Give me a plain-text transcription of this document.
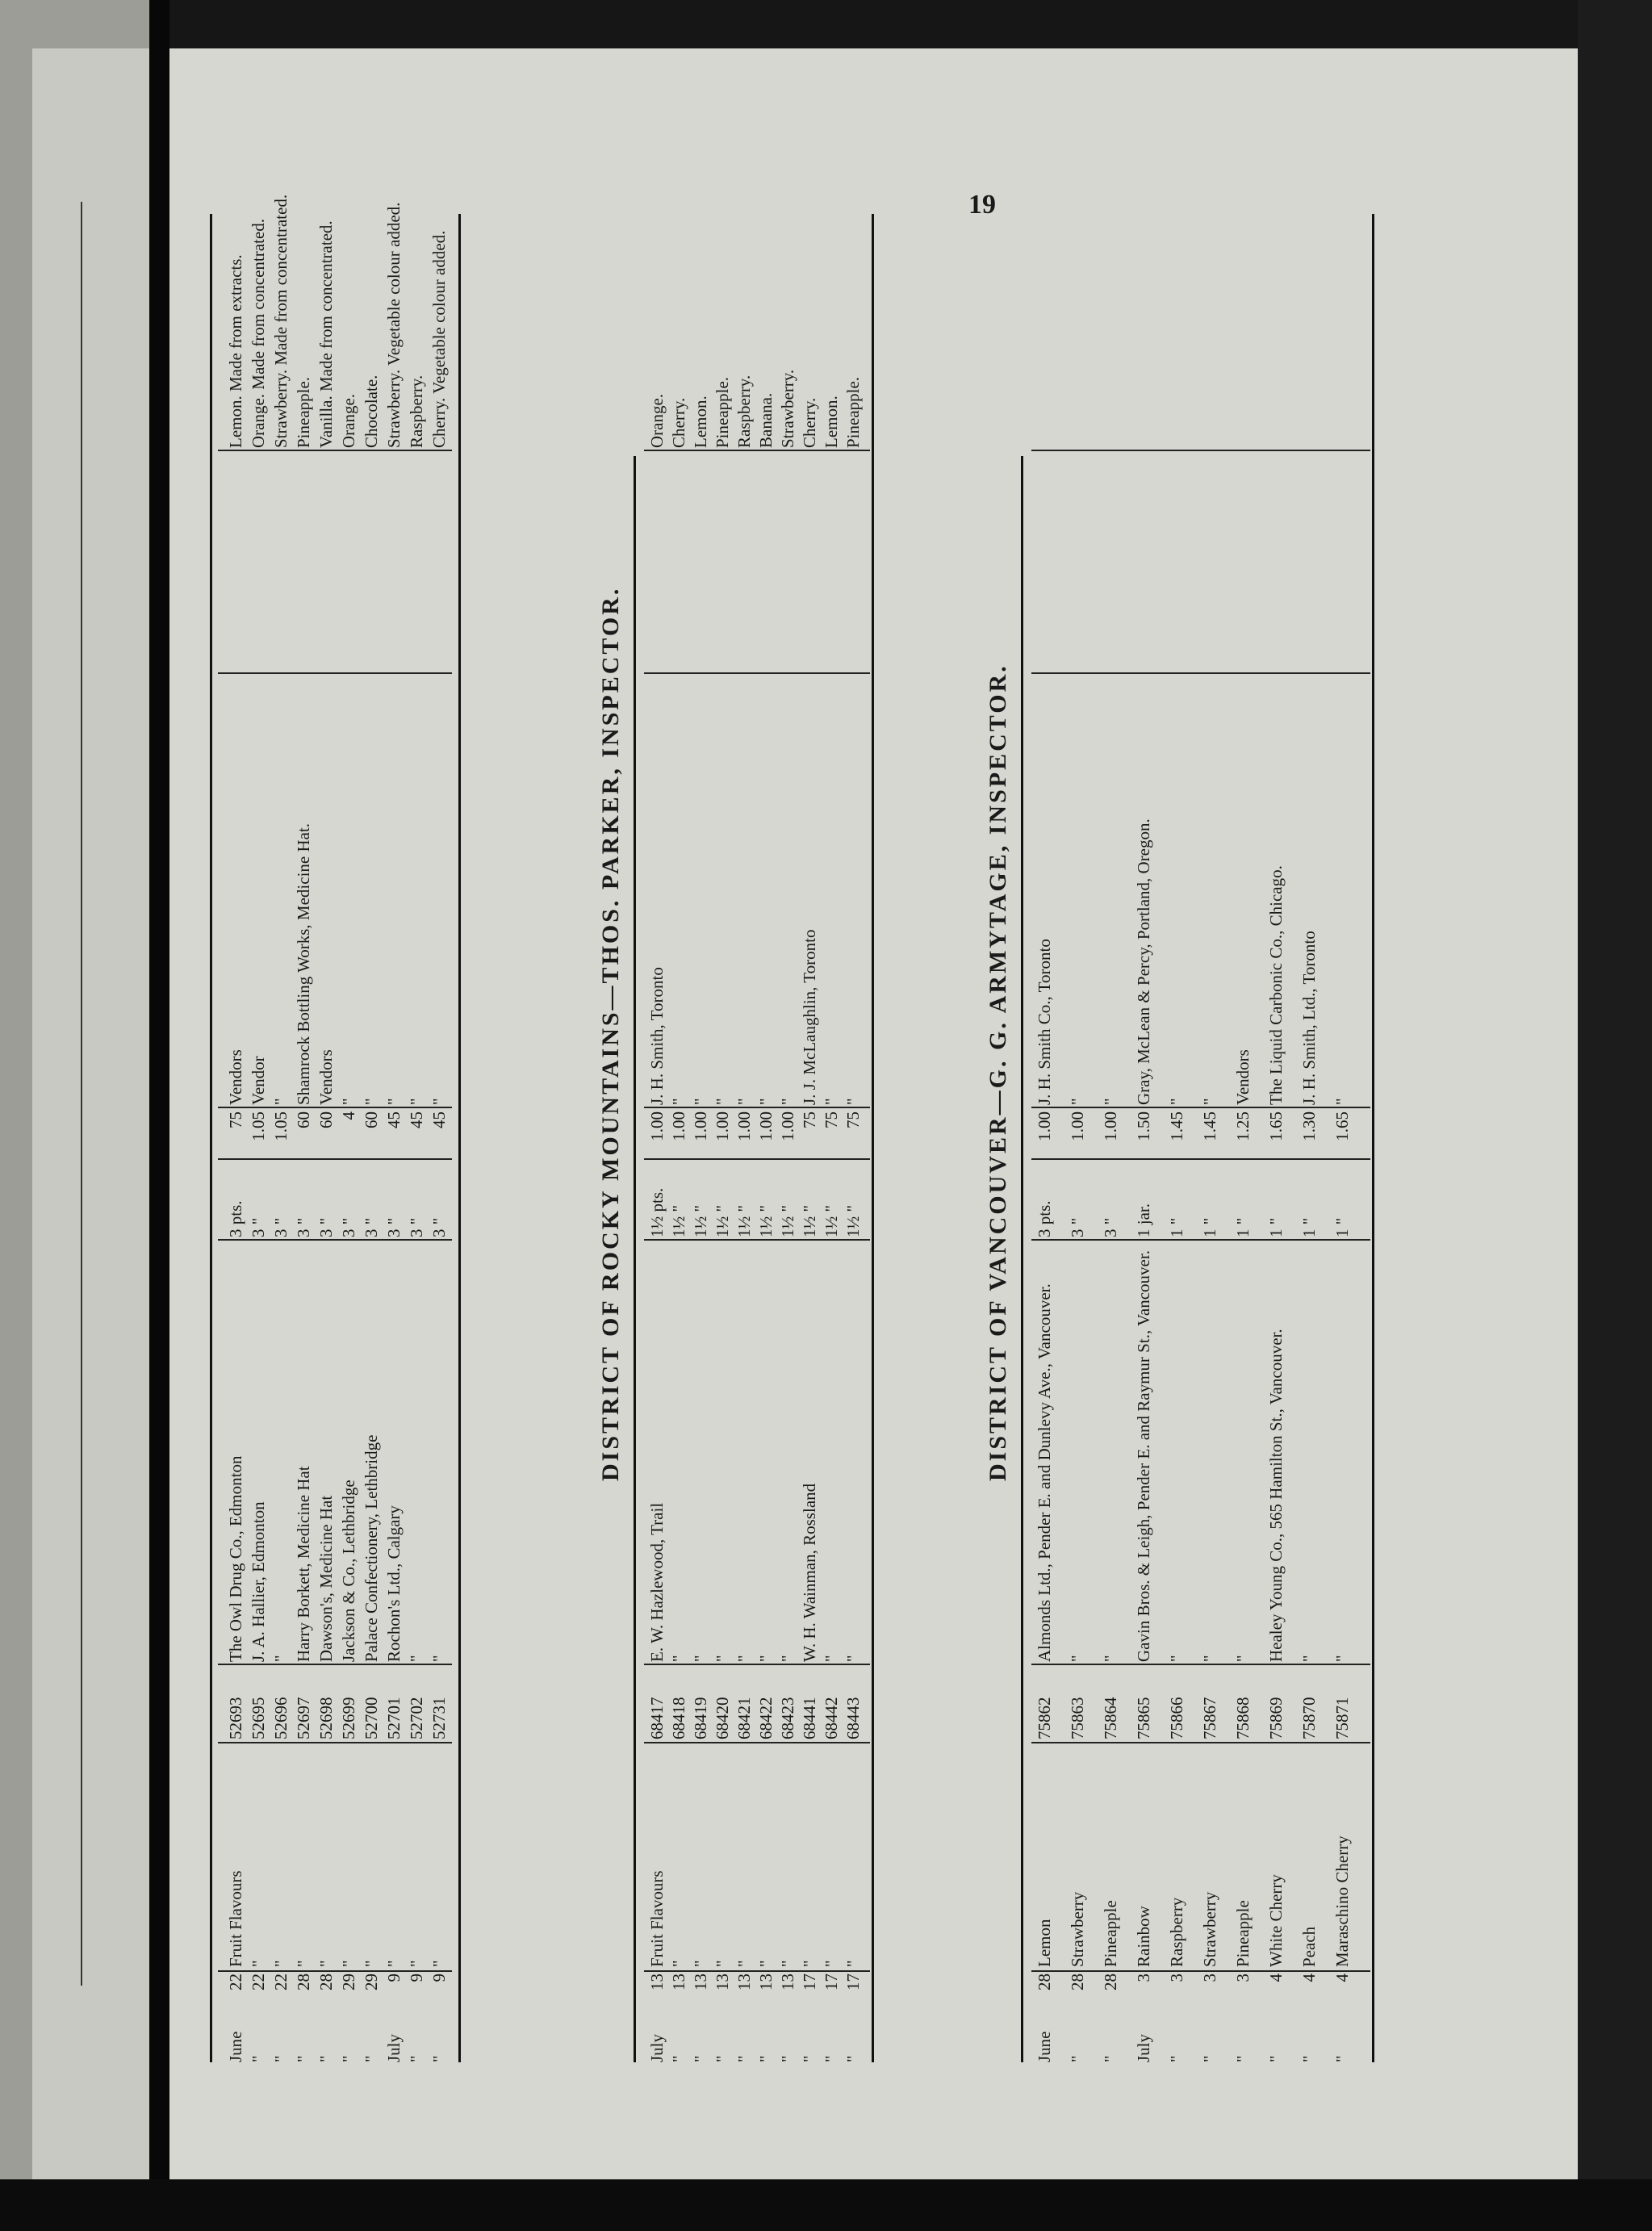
19
June
22
Fruit Flavours
52693
The Owl Drug Co., Edmonton
3 pts.
75
Vendors
Lemon. Made from extracts.
"
22
"
52695
J. A. Hallier, Edmonton
3 "
1.05
Vendor
Orange. Made from concentrated.
"
22
"
52696
"
3 "
1.05
"
Strawberry. Made from concentrated.
"
28
"
52697
Harry Borkett, Medicine Hat
3 "
60
Shamrock Bottling Works, Medicine Hat.
Pineapple.
"
28
"
52698
Dawson's, Medicine Hat
3 "
60
Vendors
Vanilla. Made from concentrated.
"
29
"
52699
Jackson & Co., Lethbridge
3 "
4
"
Orange.
"
29
"
52700
Palace Confectionery, Lethbridge
3 "
60
"
Chocolate.
July
9
"
52701
Rochon's Ltd., Calgary
3 "
45
"
Strawberry. Vegetable colour added.
"
9
"
52702
"
3 "
45
"
Raspberry.
"
9
"
52731
"
3 "
45
"
Cherry. Vegetable colour added.
DISTRICT OF ROCKY MOUNTAINS—THOS. PARKER, INSPECTOR.
July
13
Fruit Flavours
68417
E. W. Hazlewood, Trail
1½ pts.
1.00
J. H. Smith, Toronto
Orange.
"
13
"
68418
"
1½ "
1.00
"
Cherry.
"
13
"
68419
"
1½ "
1.00
"
Lemon.
"
13
"
68420
"
1½ "
1.00
"
Pineapple.
"
13
"
68421
"
1½ "
1.00
"
Raspberry.
"
13
"
68422
"
1½ "
1.00
"
Banana.
"
13
"
68423
"
1½ "
1.00
"
Strawberry.
"
17
"
68441
W. H. Wainman, Rossland
1½ "
75
J. J. McLaughlin, Toronto
Cherry.
"
17
"
68442
"
1½ "
75
"
Lemon.
"
17
"
68443
"
1½ "
75
"
Pineapple.
DISTRICT OF VANCOUVER—G. G. ARMYTAGE, INSPECTOR.
June
28
Lemon
75862
Almonds Ltd., Pender E. and Dunlevy Ave., Vancouver.
3 pts.
1.00
J. H. Smith Co., Toronto
"
28
Strawberry
75863
"
3 "
1.00
"
"
28
Pineapple
75864
"
3 "
1.00
"
July
3
Rainbow
75865
Gavin Bros. & Leigh, Pender E. and Raymur St., Vancouver.
1 jar.
1.50
Gray, McLean & Percy, Portland, Oregon.
"
3
Raspberry
75866
"
1 "
1.45
"
"
3
Strawberry
75867
"
1 "
1.45
"
"
3
Pineapple
75868
"
1 "
1.25
Vendors
"
4
White Cherry
75869
Healey Young Co., 565 Hamilton St., Vancouver.
1 "
1.65
The Liquid Carbonic Co., Chicago.
"
4
Peach
75870
"
1 "
1.30
J. H. Smith, Ltd., Toronto
"
4
Maraschino Cherry
75871
"
1 "
1.65
"
